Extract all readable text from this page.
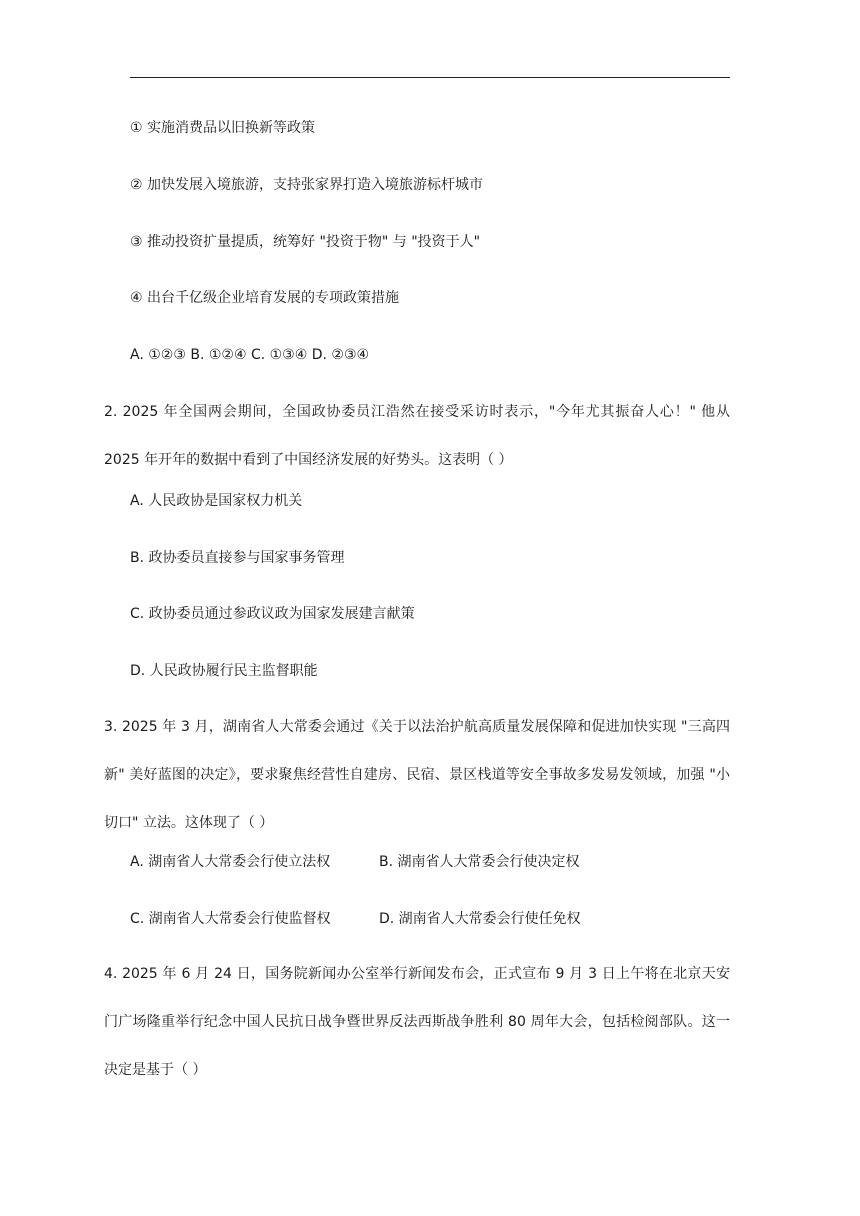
① 实施消费品以旧换新等政策
② 加快发展入境旅游，支持张家界打造入境旅游标杆城市
③ 推动投资扩量提质，统筹好 "投资于物" 与 "投资于人"
④ 出台千亿级企业培育发展的专项政策措施
A. ①②③ B. ①②④ C. ①③④ D. ②③④
2. 2025 年全国两会期间，全国政协委员江浩然在接受采访时表示，"今年尤其振奋人心！" 他从 2025 年开年的数据中看到了中国经济发展的好势头。这表明（ ）
A. 人民政协是国家权力机关
B. 政协委员直接参与国家事务管理
C. 政协委员通过参政议政为国家发展建言献策
D. 人民政协履行民主监督职能
3. 2025 年 3 月，湖南省人大常委会通过《关于以法治护航高质量发展保障和促进加快实现 "三高四新" 美好蓝图的决定》，要求聚焦经营性自建房、民宿、景区栈道等安全事故多发易发领域，加强 "小切口" 立法。这体现了（ ）
A. 湖南省人大常委会行使立法权	B. 湖南省人大常委会行使决定权
C. 湖南省人大常委会行使监督权	D. 湖南省人大常委会行使任免权
4. 2025 年 6 月 24 日，国务院新闻办公室举行新闻发布会，正式宣布 9 月 3 日上午将在北京天安门广场隆重举行纪念中国人民抗日战争暨世界反法西斯战争胜利 80 周年大会，包括检阅部队。这一决定是基于（ ）
